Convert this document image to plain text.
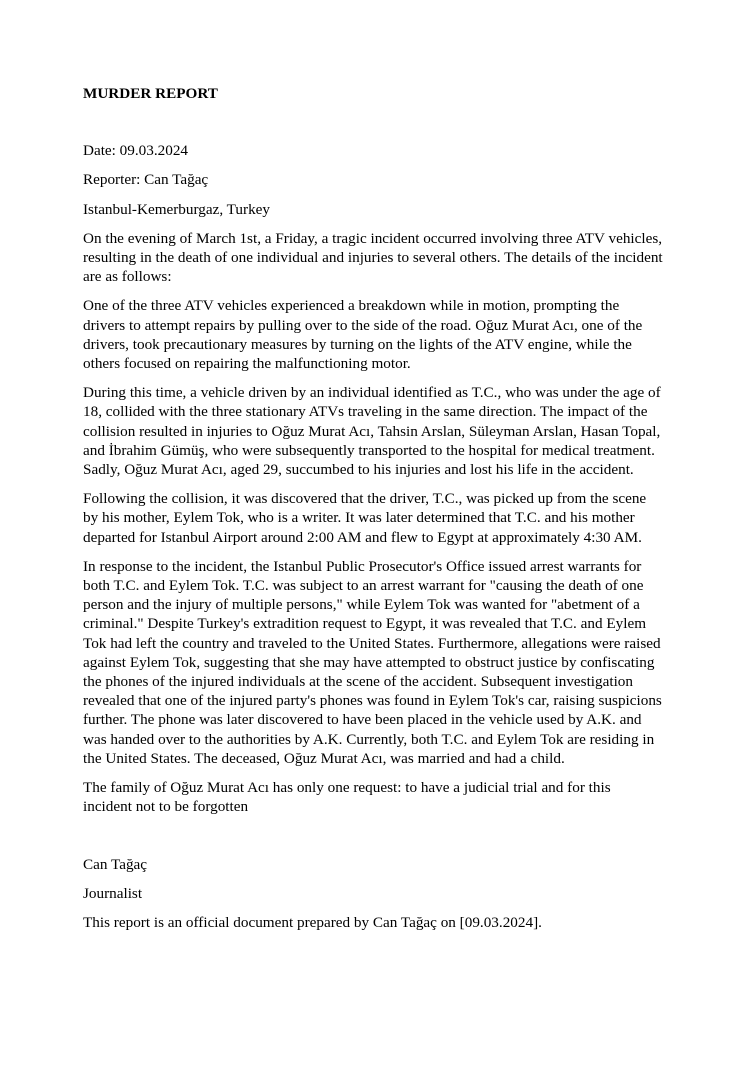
MURDER REPORT

Date: 09.03.2024

Reporter: Can Tağaç

Istanbul-Kemerburgaz, Turkey

On the evening of March 1st, a Friday, a tragic incident occurred involving three ATV vehicles, resulting in the death of one individual and injuries to several others. The details of the incident are as follows:

One of the three ATV vehicles experienced a breakdown while in motion, prompting the drivers to attempt repairs by pulling over to the side of the road. Oğuz Murat Acı, one of the drivers, took precautionary measures by turning on the lights of the ATV engine, while the others focused on repairing the malfunctioning motor.

During this time, a vehicle driven by an individual identified as T.C., who was under the age of 18, collided with the three stationary ATVs traveling in the same direction. The impact of the collision resulted in injuries to Oğuz Murat Acı, Tahsin Arslan, Süleyman Arslan, Hasan Topal, and İbrahim Gümüş, who were subsequently transported to the hospital for medical treatment. Sadly, Oğuz Murat Acı, aged 29, succumbed to his injuries and lost his life in the accident.

Following the collision, it was discovered that the driver, T.C., was picked up from the scene by his mother, Eylem Tok, who is a writer. It was later determined that T.C. and his mother departed for Istanbul Airport around 2:00 AM and flew to Egypt at approximately 4:30 AM.

In response to the incident, the Istanbul Public Prosecutor's Office issued arrest warrants for both T.C. and Eylem Tok. T.C. was subject to an arrest warrant for "causing the death of one person and the injury of multiple persons," while Eylem Tok was wanted for "abetment of a criminal." Despite Turkey's extradition request to Egypt, it was revealed that T.C. and Eylem Tok had left the country and traveled to the United States. Furthermore, allegations were raised against Eylem Tok, suggesting that she may have attempted to obstruct justice by confiscating the phones of the injured individuals at the scene of the accident. Subsequent investigation revealed that one of the injured party's phones was found in Eylem Tok's car, raising suspicions further. The phone was later discovered to have been placed in the vehicle used by A.K. and was handed over to the authorities by A.K. Currently, both T.C. and Eylem Tok are residing in the United States. The deceased, Oğuz Murat Acı, was married and had a child.

The family of Oğuz Murat Acı has only one request: to have a judicial trial and for this incident not to be forgotten

Can Tağaç

Journalist

This report is an official document prepared by Can Tağaç on [09.03.2024].
